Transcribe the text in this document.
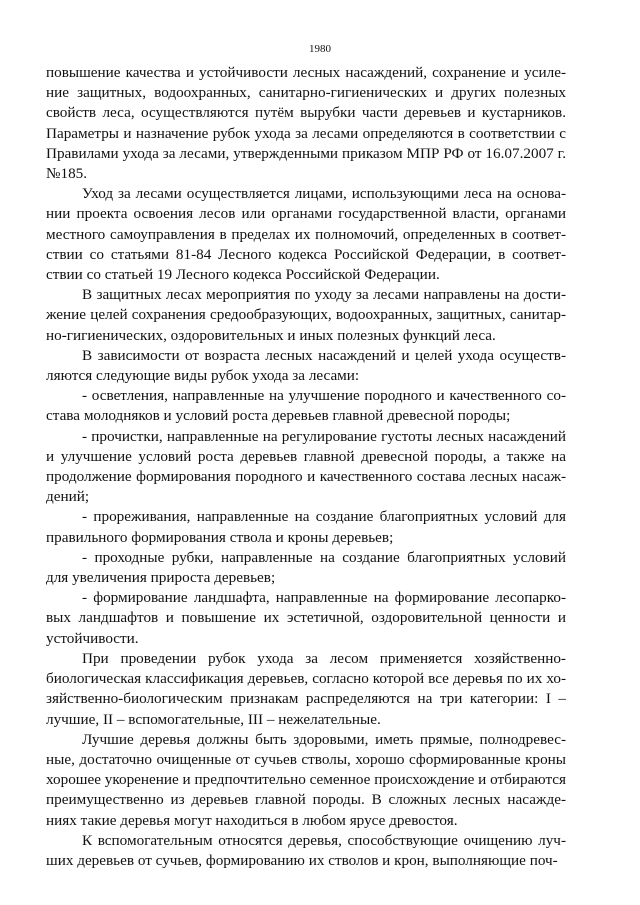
1980

повышение качества и устойчивости лесных насаждений, сохранение и усиление защитных, водоохранных, санитарно-гигиенических и других полезных свойств леса, осуществляются путём вырубки части деревьев и кустарников. Параметры и назначение рубок ухода за лесами определяются в соответствии с Правилами ухода за лесами, утвержденными приказом МПР РФ от 16.07.2007 г. №185.

Уход за лесами осуществляется лицами, использующими леса на основании проекта освоения лесов или органами государственной власти, органами местного самоуправления в пределах их полномочий, определенных в соответствии со статьями 81-84 Лесного кодекса Российской Федерации, в соответствии со статьей 19 Лесного кодекса Российской Федерации.

В защитных лесах мероприятия по уходу за лесами направлены на достижение целей сохранения средообразующих, водоохранных, защитных, санитарно-гигиенических, оздоровительных и иных полезных функций леса.

В зависимости от возраста лесных насаждений и целей ухода осуществляются следующие виды рубок ухода за лесами:

- осветления, направленные на улучшение породного и качественного состава молодняков и условий роста деревьев главной древесной породы;

- прочистки, направленные на регулирование густоты лесных насаждений и улучшение условий роста деревьев главной древесной породы, а также на продолжение формирования породного и качественного состава лесных насаждений;

- прореживания, направленные на создание благоприятных условий для правильного формирования ствола и кроны деревьев;

- проходные рубки, направленные на создание благоприятных условий для увеличения прироста деревьев;

- формирование ландшафта, направленные на формирование лесопарковых ландшафтов и повышение их эстетичной, оздоровительной ценности и устойчивости.

При проведении рубок ухода за лесом применяется хозяйственно-биологическая классификация деревьев, согласно которой все деревья по их хозяйственно-биологическим признакам распределяются на три категории: I – лучшие, II – вспомогательные, III – нежелательные.

Лучшие деревья должны быть здоровыми, иметь прямые, полнодревесные, достаточно очищенные от сучьев стволы, хорошо сформированные кроны хорошее укоренение и предпочтительно семенное происхождение и отбираются преимущественно из деревьев главной породы. В сложных лесных насаждениях такие деревья могут находиться в любом ярусе древостоя.

К вспомогательным относятся деревья, способствующие очищению лучших деревьев от сучьев, формированию их стволов и крон, выполняющие поч-
